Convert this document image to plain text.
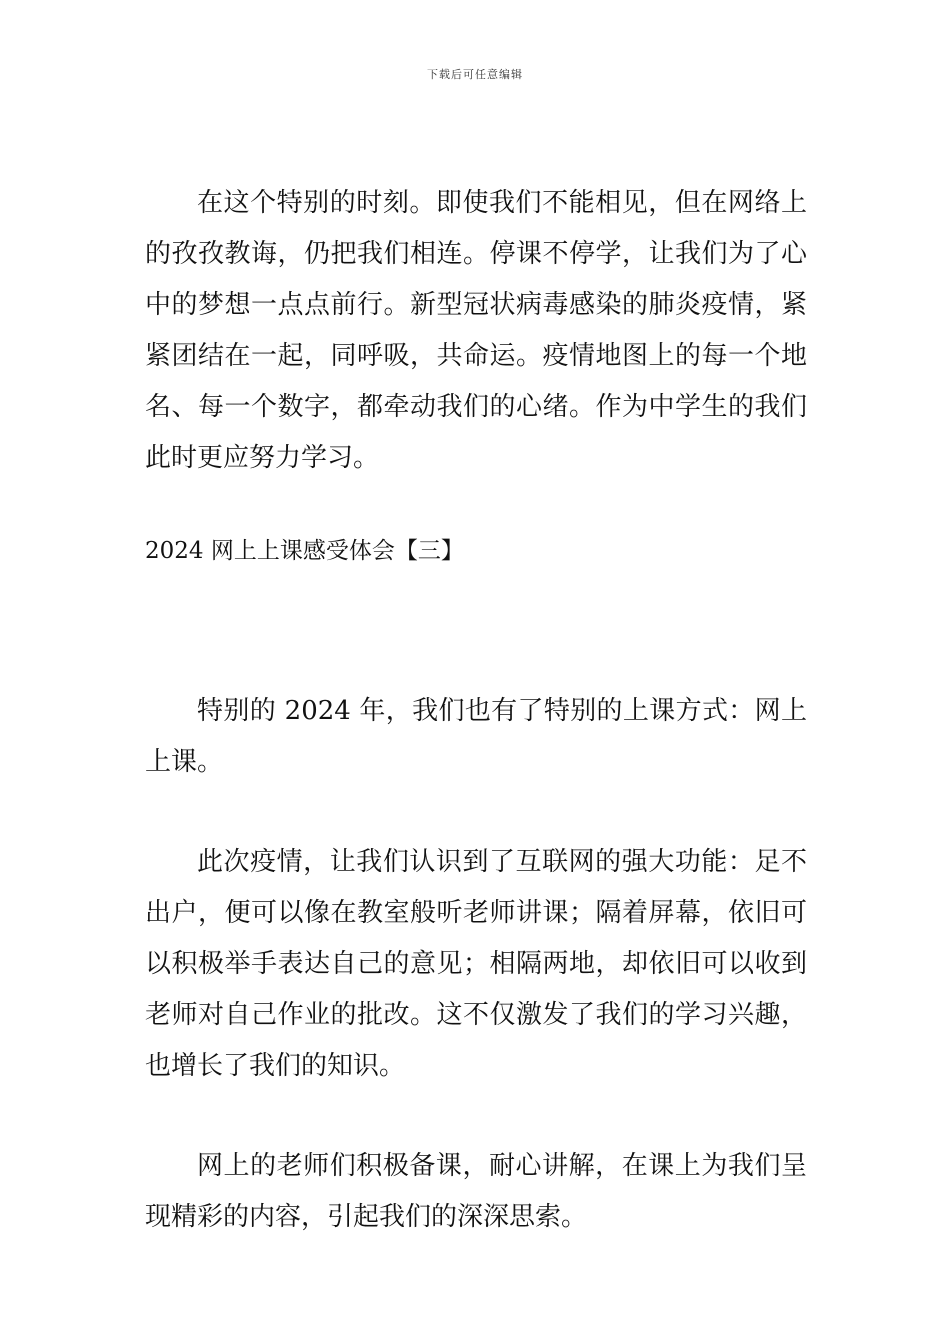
下载后可任意编辑

在这个特别的时刻。即使我们不能相见，但在网络上的孜孜教诲，仍把我们相连。停课不停学，让我们为了心中的梦想一点点前行。新型冠状病毒感染的肺炎疫情，紧紧团结在一起，同呼吸，共命运。疫情地图上的每一个地名、每一个数字，都牵动我们的心绪。作为中学生的我们此时更应努力学习。

2024 网上上课感受体会【三】

特别的 2024 年，我们也有了特别的上课方式：网上上课。

此次疫情，让我们认识到了互联网的强大功能：足不出户，便可以像在教室般听老师讲课；隔着屏幕，依旧可以积极举手表达自己的意见；相隔两地，却依旧可以收到老师对自己作业的批改。这不仅激发了我们的学习兴趣，也增长了我们的知识。

网上的老师们积极备课，耐心讲解，在课上为我们呈现精彩的内容，引起我们的深深思索。
